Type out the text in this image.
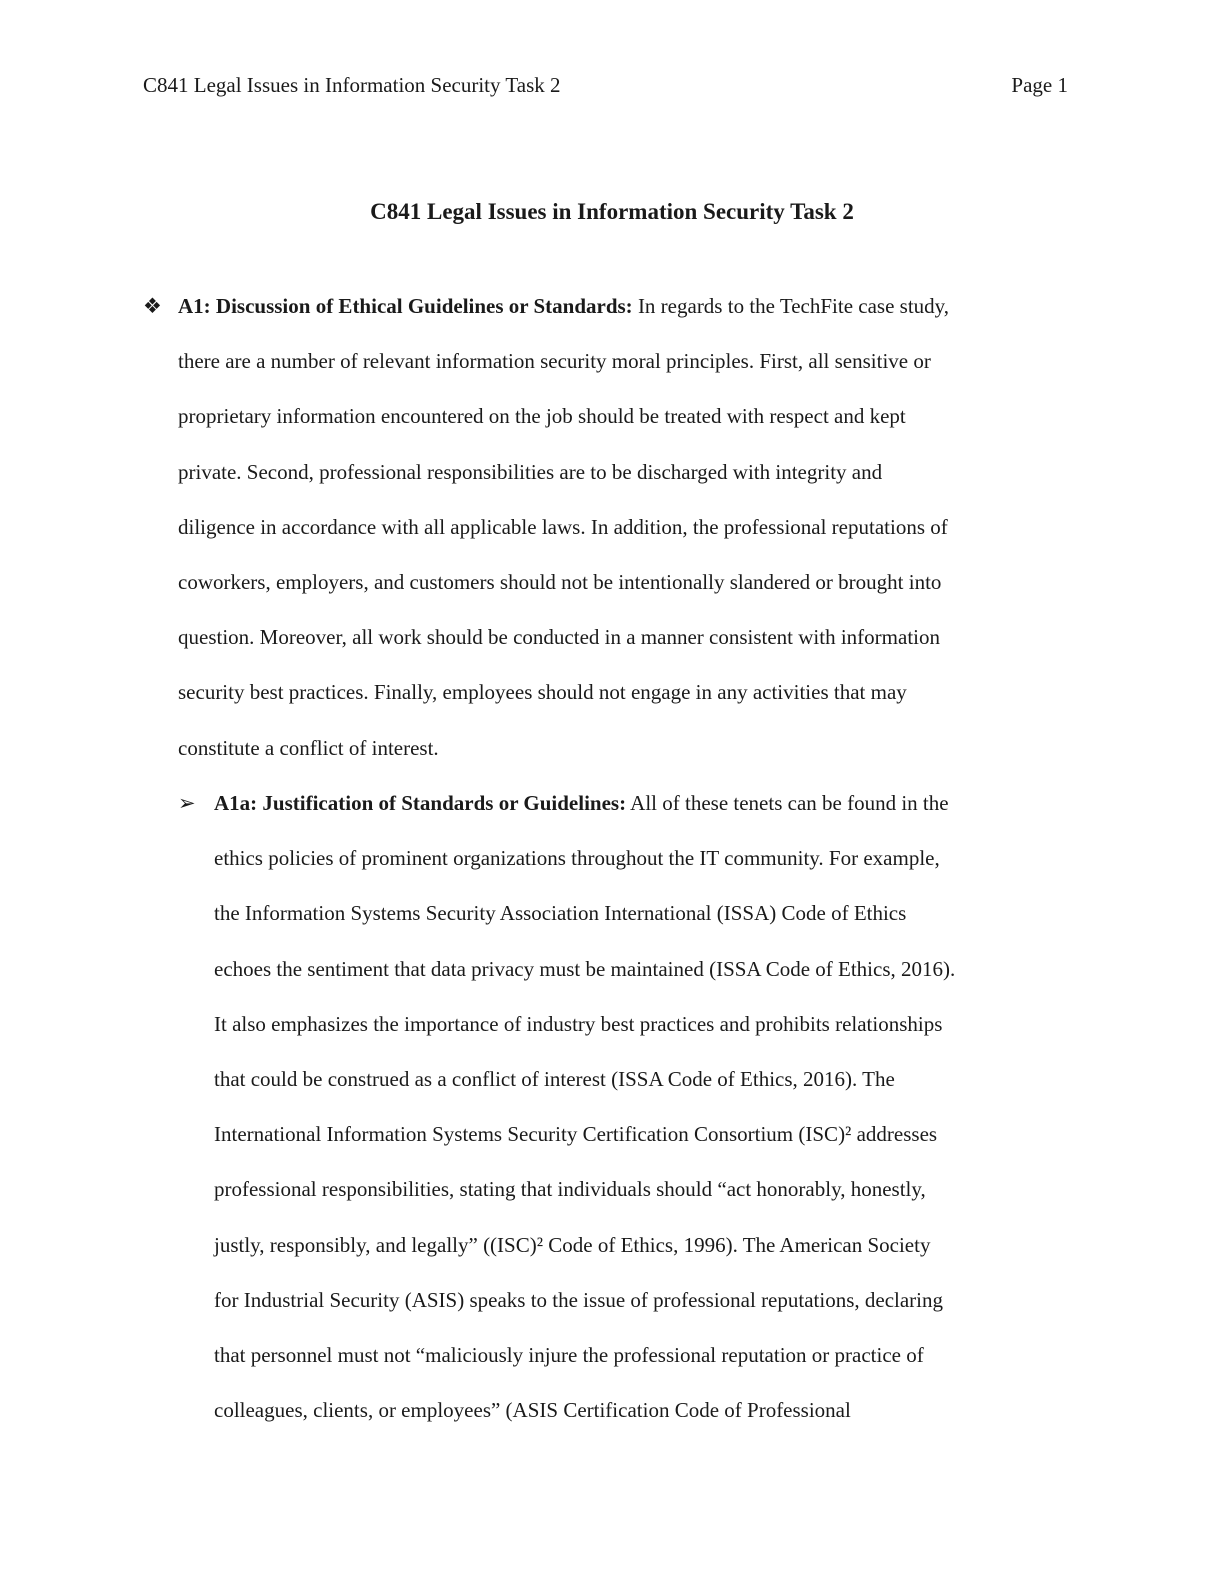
C841 Legal Issues in Information Security Task 2	Page 1
C841 Legal Issues in Information Security Task 2
❖ A1: Discussion of Ethical Guidelines or Standards: In regards to the TechFite case study,
there are a number of relevant information security moral principles. First, all sensitive or
proprietary information encountered on the job should be treated with respect and kept
private. Second, professional responsibilities are to be discharged with integrity and
diligence in accordance with all applicable laws. In addition, the professional reputations of
coworkers, employers, and customers should not be intentionally slandered or brought into
question. Moreover, all work should be conducted in a manner consistent with information
security best practices. Finally, employees should not engage in any activities that may
constitute a conflict of interest.
➢ A1a: Justification of Standards or Guidelines: All of these tenets can be found in the
ethics policies of prominent organizations throughout the IT community. For example,
the Information Systems Security Association International (ISSA) Code of Ethics
echoes the sentiment that data privacy must be maintained (ISSA Code of Ethics, 2016).
It also emphasizes the importance of industry best practices and prohibits relationships
that could be construed as a conflict of interest (ISSA Code of Ethics, 2016). The
International Information Systems Security Certification Consortium (ISC)² addresses
professional responsibilities, stating that individuals should “act honorably, honestly,
justly, responsibly, and legally” ((ISC)² Code of Ethics, 1996). The American Society
for Industrial Security (ASIS) speaks to the issue of professional reputations, declaring
that personnel must not “maliciously injure the professional reputation or practice of
colleagues, clients, or employees” (ASIS Certification Code of Professional
